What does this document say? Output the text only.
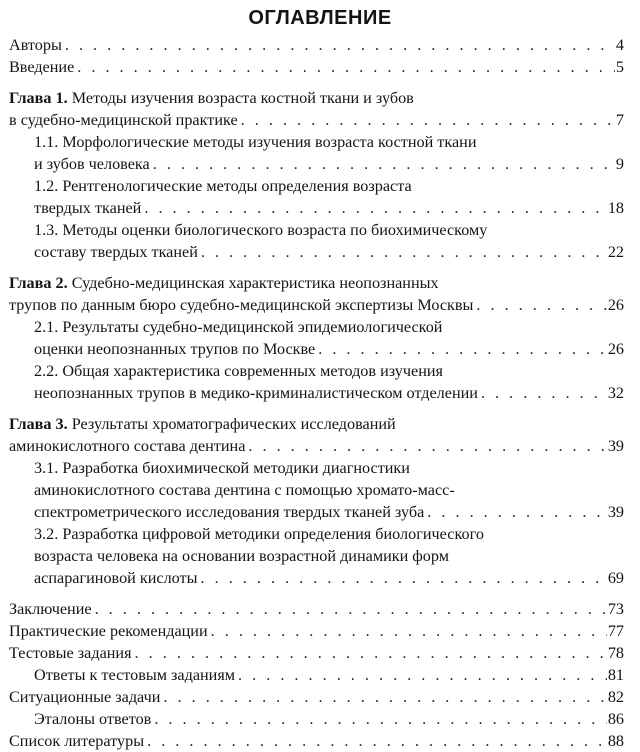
ОГЛАВЛЕНИЕ
Авторы . . .	4
Введение . . .	5
Глава 1. Методы изучения возраста костной ткани и зубов
в судебно-медицинской практике . . .	7
1.1. Морфологические методы изучения возраста костной ткани
и зубов человека . . .	9
1.2. Рентгенологические методы определения возраста
твердых тканей . . .	18
1.3. Методы оценки биологического возраста по биохимическому
составу твердых тканей . . .	22
Глава 2. Судебно-медицинская характеристика неопознанных
трупов по данным бюро судебно-медицинской экспертизы Москвы . . .	26
2.1. Результаты судебно-медицинской эпидемиологической
оценки неопознанных трупов по Москве . . .	26
2.2. Общая характеристика современных методов изучения
неопознанных трупов в медико-криминалистическом отделении . . .	32
Глава 3. Результаты хроматографических исследований
аминокислотного состава дентина . . .	39
3.1. Разработка биохимической методики диагностики
аминокислотного состава дентина с помощью хромато-масс-
спектрометрического исследования твердых тканей зуба . . .	39
3.2. Разработка цифровой методики определения биологического
возраста человека на основании возрастной динамики форм
аспарагиновой кислоты . . .	69
Заключение . . .	73
Практические рекомендации . . .	77
Тестовые задания . . .	78
Ответы к тестовым заданиям . . .	81
Ситуационные задачи . . .	82
Эталоны ответов . . .	86
Список литературы . . .	88
